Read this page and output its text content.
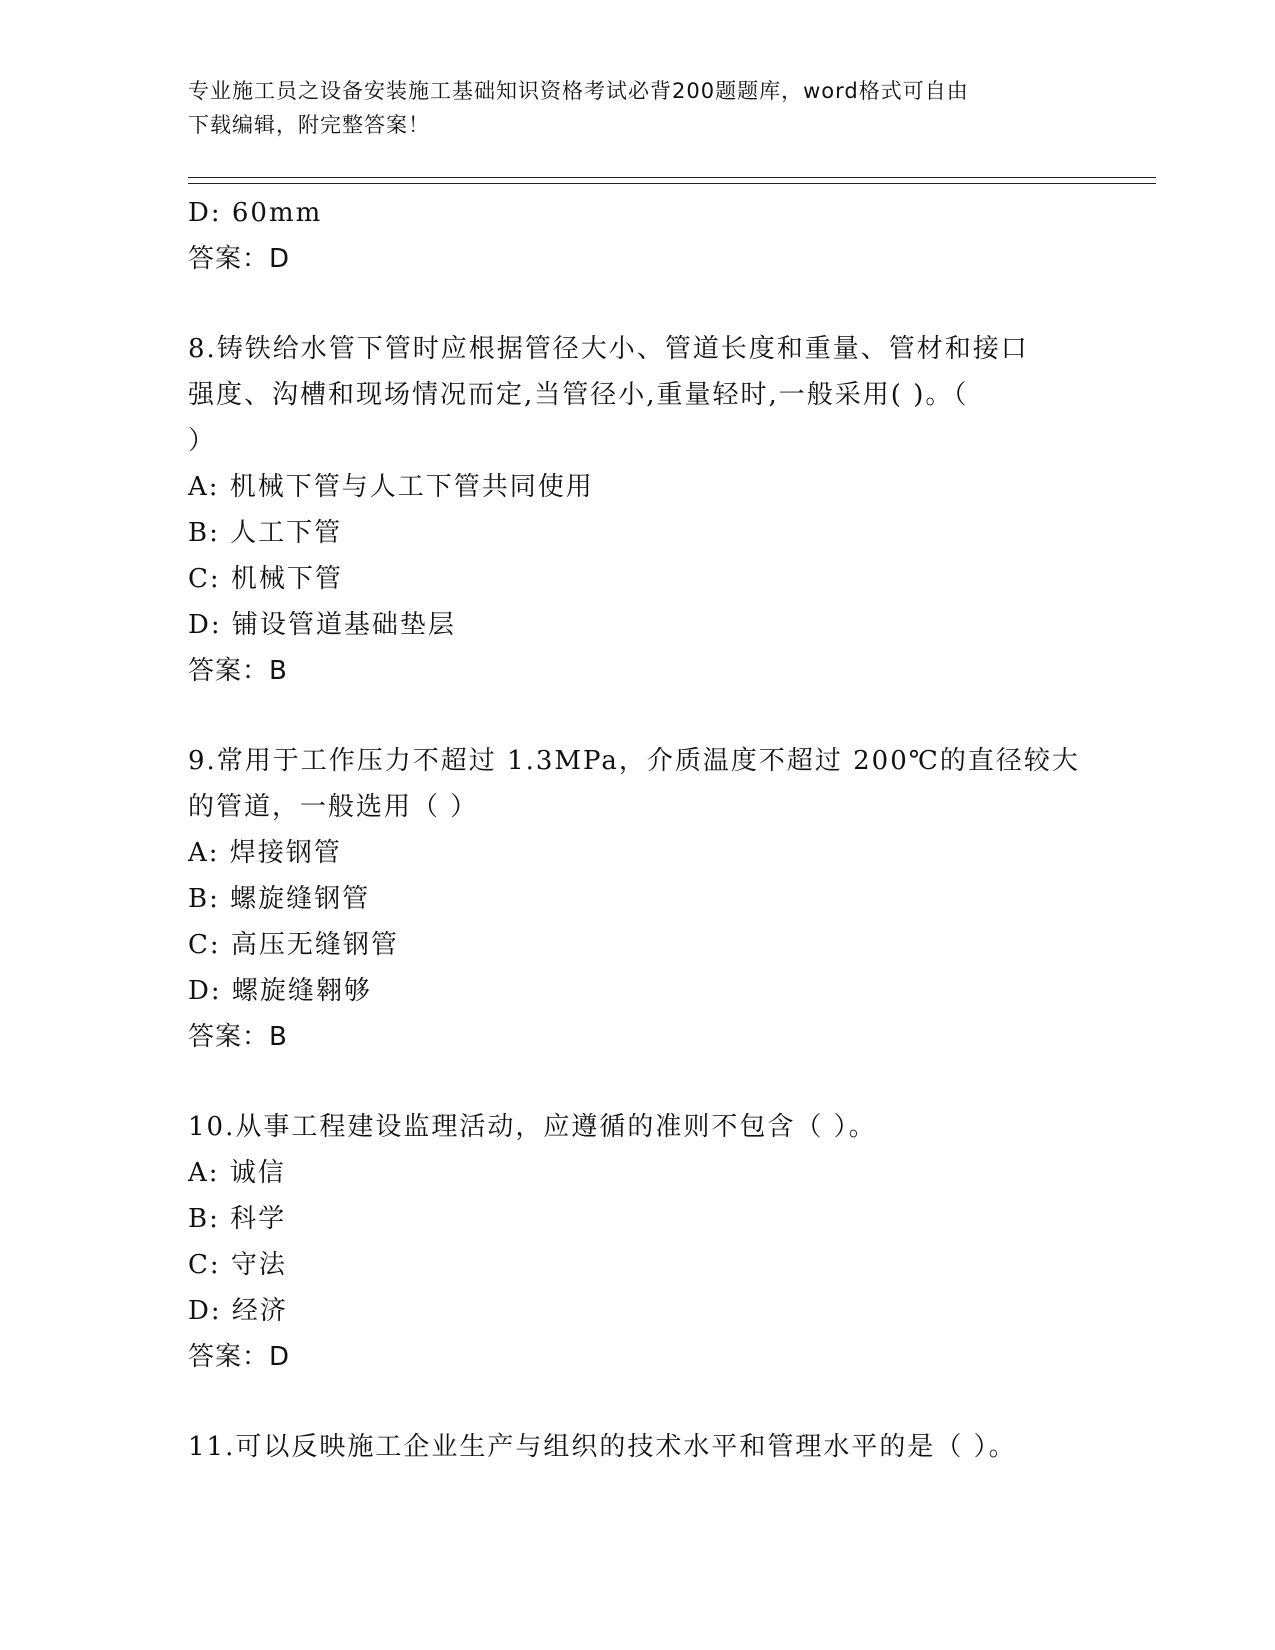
专业施工员之设备安装施工基础知识资格考试必背200题题库，word格式可自由
下载编辑，附完整答案！
D: 60mm
答案：D
8.铸铁给水管下管时应根据管径大小、管道长度和重量、管材和接口
强度、沟槽和现场情况而定,当管径小,重量轻时,一般采用( )。（
）
A: 机械下管与人工下管共同使用
B: 人工下管
C: 机械下管
D: 铺设管道基础垫层
答案：B
9.常用于工作压力不超过 1.3MPa，介质温度不超过 200℃的直径较大
的管道，一般选用（ ）
A: 焊接钢管
B: 螺旋缝钢管
C: 高压无缝钢管
D: 螺旋缝翱够
答案：B
10.从事工程建设监理活动，应遵循的准则不包含（ ）。
A: 诚信
B: 科学
C: 守法
D: 经济
答案：D
11.可以反映施工企业生产与组织的技术水平和管理水平的是（ ）。
